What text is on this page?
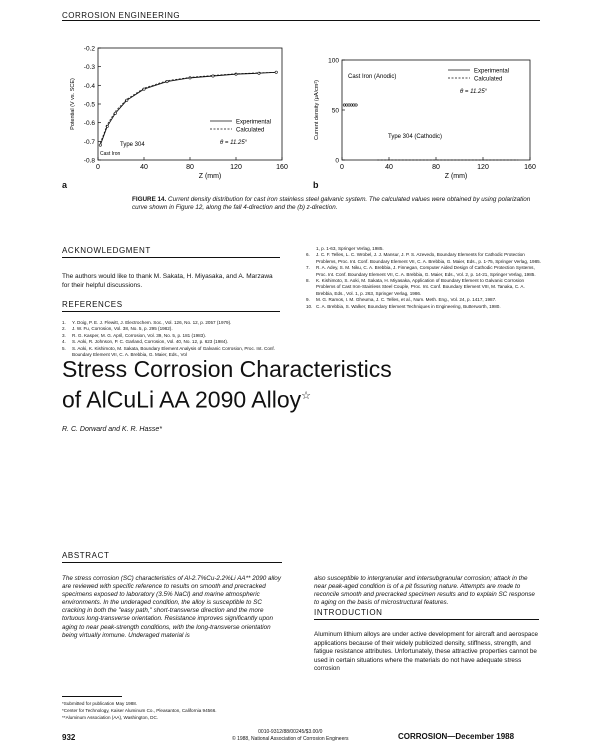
CORROSION ENGINEERING
0	40	80	120	160
-0.2
-0.3
-0.4
-0.5
-0.6
-0.7
-0.8
Z (mm)
Potential (V vs. SCE)	Experimental
Calculated
Cast Iron
Type 304	θ = 11.25°
a
0	40	80	120	160
100
50
0
Z (mm)
Current density (μA/cm²)
Experimental
Calculated
Cast Iron (Anodic)
Type 304 (Cathodic)
θ = 11.25°
b
FIGURE 14. Current density distribution for cast iron stainless steel galvanic system. The calculated values were obtained by using polarization curve shown in Figure 12, along the fall 4-direction and the (b) z-direction.
ACKNOWLEDGMENT
The authors would like to thank M. Sakata, H. Miyasaka, and A. Marzawa for their helpful discussions.
REFERENCES
1.	Y. Doig, P. E. J. Flewitt, J. Electrochem. Soc., Vol. 126, No. 12, p. 2057 (1979).
2.	J. W. Fu, Corrosion, Vol. 38, No. 5, p. 295 (1982).
3.	R. G. Kasper, M. G. April, Corrosion, Vol. 39, No. 5, p. 181 (1983).
4.	S. Aoki, R. Johnson, P. C. Garland, Corrosion, Vol. 40, No. 12, p. 623 (1984).
5.	S. Aoki, K. Kishimoto, M. Sakata, Boundary Element Analysis of Galvanic Corrosion, Proc. Int. Conf. Boundary Element VII, C. A. Brebbia, G. Maier, Eds., Vol
1, p. 1-63, Springer Verlag, 1985.
6.	J. C. F. Telles, L. C. Wrobel, J. J. Mansur, J. P. S. Azevedo, Boundary Elements for Cathodic Protection Problems, Proc. Int. Conf. Boundary Element VII, C. A. Brebbia, G. Maier, Eds., p. 1-75, Springer Verlag, 1985.
7.	R. A. Adey, S. M. Niku, C. A. Brebbia, J. Finnegan, Computer Aided Design of Cathodic Protection Systems, Proc. Int. Conf. Boundary Element VII, C. A. Brebbia, G. Maier, Eds., Vol. 2, p. 14-21, Springer Verlag, 1985.
8.	K. Kishimoto, S. Aoki, M. Sakata, H. Miyasaka, Application of Boundary Element to Galvanic Corrosion Problems of Cast Iron-Stainless Steel Couple, Proc. Int. Conf. Boundary Element VIII, M. Tanaka, C. A. Brebbia, Eds., Vol. 1, p. 263, Springer Verlag, 1986.
9.	M. G. Ramos, I. M. Gheuma, J. C. Telles, et al., Num. Meth. Eng., Vol. 24, p. 1417, 1987.
10. C. A. Brebbia, S. Walker, Boundary Element Techniques in Engineering, Butterworth, 1980.
Stress Corrosion Characteristics
of AlCuLi AA 2090 Alloy☆
R. C. Dorward and K. R. Hasse*
ABSTRACT
The stress corrosion (SC) characteristics of Al-2.7%Cu-2.2%Li AA** 2090 alloy are reviewed with specific reference to results on smooth and precracked specimens exposed to laboratory (3.5% NaCl) and marine atmospheric environments. In the underaged condition, the alloy is susceptible to SC cracking in both the "easy path," short-transverse direction and the more tortuous long-transverse orientation. Resistance improves significantly upon aging to near peak-strength conditions, with the long-transverse orientation being virtually immune. Underaged material is
also susceptible to intergranular and intersubgranular corrosion; attack in the near peak-aged condition is of a pit fissuring nature. Attempts are made to reconcile smooth and precracked specimen results and to explain SC response to aging on the basis of microstructural features.
INTRODUCTION
Aluminum lithium alloys are under active development for aircraft and aerospace applications because of their widely publicized density, stiffness, strength, and fatigue resistance attributes. Unfortunately, these attractive properties cannot be used in certain situations where the materials do not have adequate stress corrosion
*Submitted for publication May 1988.
*Center for Technology, Kaiser Aluminum Co., Pleasanton, California 94566.
**Aluminum Association (AA), Washington, DC.
932
0010-9312/88/00245/$3.00/0
© 1988, National Association of Corrosion Engineers	CORROSION—December 1988
